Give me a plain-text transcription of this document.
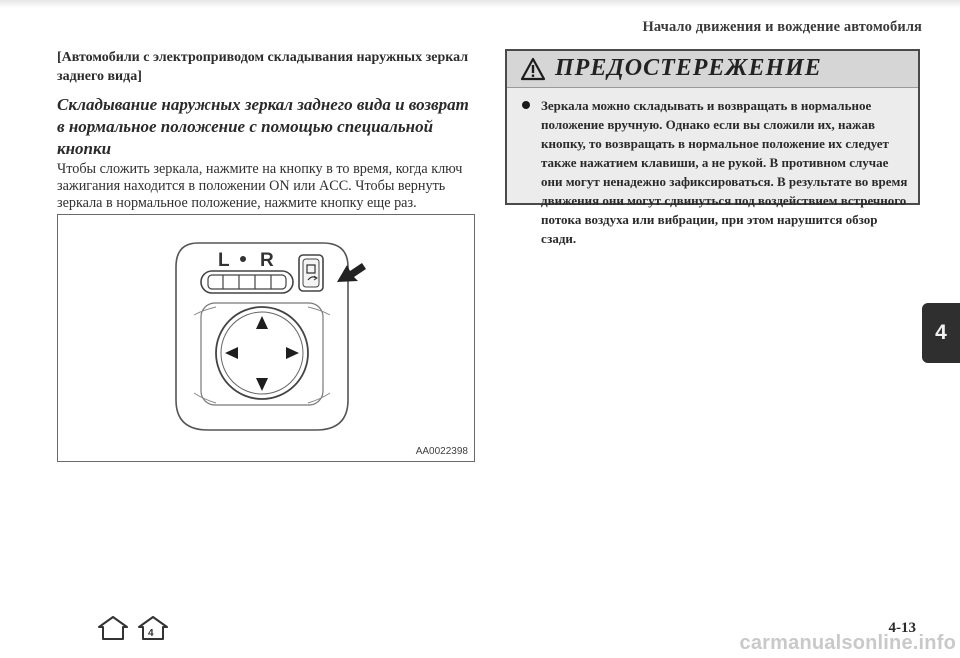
Начало движения и вождение автомобиля
4

[Автомобили с электроприводом складывания наружных зеркал заднего вида]

Складывание наружных зеркал заднего вида и возврат в нормальное положение с помощью специальной кнопки

Чтобы сложить зеркала, нажмите на кнопку в то время, когда ключ зажигания находится в положении ON или ACC. Чтобы вернуть зеркала в нормальное положение, нажмите кнопку еще раз.

L R
AA0022398
ПРЕДОСТЕРЕЖЕНИЕ
Зеркала можно складывать и возвращать в нормальное положение вручную. Однако если вы сложили их, нажав кнопку, то возвращать в нормальное положение их следует также нажатием клавиши, а не рукой. В противном случае они могут ненадежно зафиксироваться. В результате во время движения они могут сдвинуться под воздействием встречного потока воздуха или вибрации, при этом нарушится обзор сзади.
4	4-13
carmanualsonline.info
